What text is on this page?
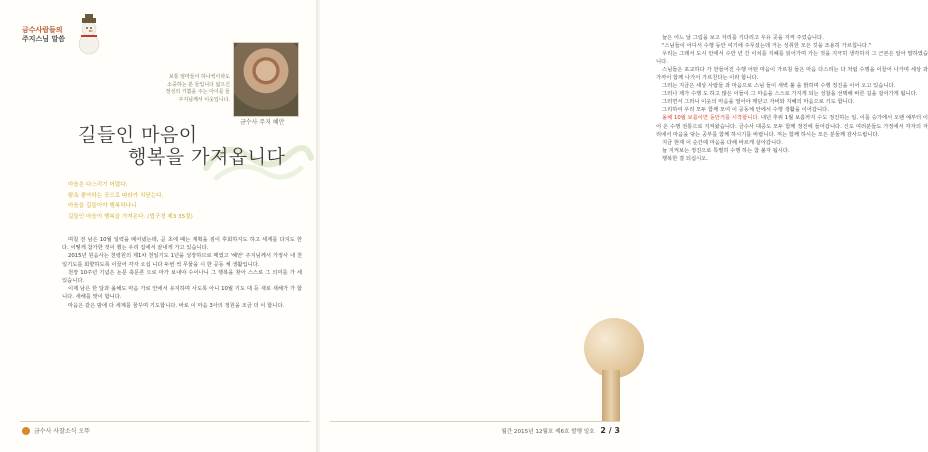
금수사람들의
주지스님 말씀
보통 엄마들이 하나씩이라도
소중하는 분 들입니다 넓으신
정성의 기쁨을 주는 아이를 들
주지님께서 이웃입니다.
금수사 주지 혜안
길들인 마음이
행복을 가져옵니다
마음은 다스리기 어렵다.
탐욕 좋아하는 곳으로 따라가 치닫는다.
마음을 길들이야 행복하나니
길들인 마음이 행복을 가져온다. (법구경 제3 35절)

며칠 전 남은 10월 일력을 떼어냈는데, 곧 초에 때는 계획을 짐이 후회하지도 하고 세계를 다지도 한다. 어떻게 참가한 것이 했는 우리 집에서 끝내게 가고 있습니다.

2015년 원음사는 천령원의 제1차 천일기도 1년을 성장하므로 메였고 '혜안' 주지님께서 가정사 내 천일기도를 회향하도록 이끌어 각자 오십 니다 두번 씩 무물을 시 한 공동 체 생활입니다.

천장 10주년 기념은 논문 축문론 으로 마가 보내야 수이나니 그 행복을 찾아 스스로 그 의미를 가 세 있습니다.

이제 남은 한 달과 올해도 마음 가로 안에서 유지하며 사도록 아니 10월 기도 대 등 새로 새해가 가 합니다. 새해를 맞이 합니다.

마음은 같은 밤에 다 세계를 꿈꾸며 기도합니다. 바로 이 마음 3사의 정원을 조금 더 이 합니다.

금수사 사찰소식 오뚜

늘은 어느 날 그림을 보고 자리를 기다리고 우유 곳을 지켜 주었습니다.

"스님들이 어디서 수행 동안 여기에 주무셨는데 거는 성취한 모든 깃을 조용히 가르칩니다."

우리는 그래서 도시 안에서 수만 년 간 이치를 지혜를 읽어가며 가는 것을 지극히 생각하지 그 근본은 알아 말하였습니다.

스님들은 포교하다 가 만들어진 수행 어떤 마음이 가르침 들은 마음 다스리는 다 처럼 수행을 이끌어 나가며 세상 과 가까이 함께 나가서 가르친다는 이라 합니다.

그러는 지금은 세상 사람들 과 마음으로 스님 들이 새벽 불 을 밝히며 수행 정진을 이어 오고 있습니다.

그러나 제가 수행 도 하고 많은 이들이 그 마음을 스스로 가지게 되는 성찰을 선택해 바른 길을 걸어가게 됩니다.

그러면서 그러니 이웃의 마음을 열어야 깨닫고 자비와 지혜의 마음으로 기도 합니다.

그리하여 우리 모두 함께 모여 이 공동체 안에서 수행 생활을 이어갑니다.

올해 10월 보름이면 동안거를 시작합니다. 내년 추위 1월 보름까지 수도 정진하는 일. 이를 승가에서 오랜 예부터 이어 온 수행 전통으로 지켜왔습니다. 금수사 대중도 모두 함께 정진에 들어갑니다. 신도 여러분들도 가정에서 각자의 자리에서 마음을 닦는 공부를 함께 하시기를 바랍니다. 저는 함께 하시는 모든 분들께 감사드립니다.

지금 현재 이 순간에 마음을 다해 바르게 살아갑니다.

늘 지켜보는 정진으로 특별히 수행 하는 참 불자 됩시다.

행복한 결 되십시오.

월간 2015년 12월호 제6호 발행 일호 2 / 3
